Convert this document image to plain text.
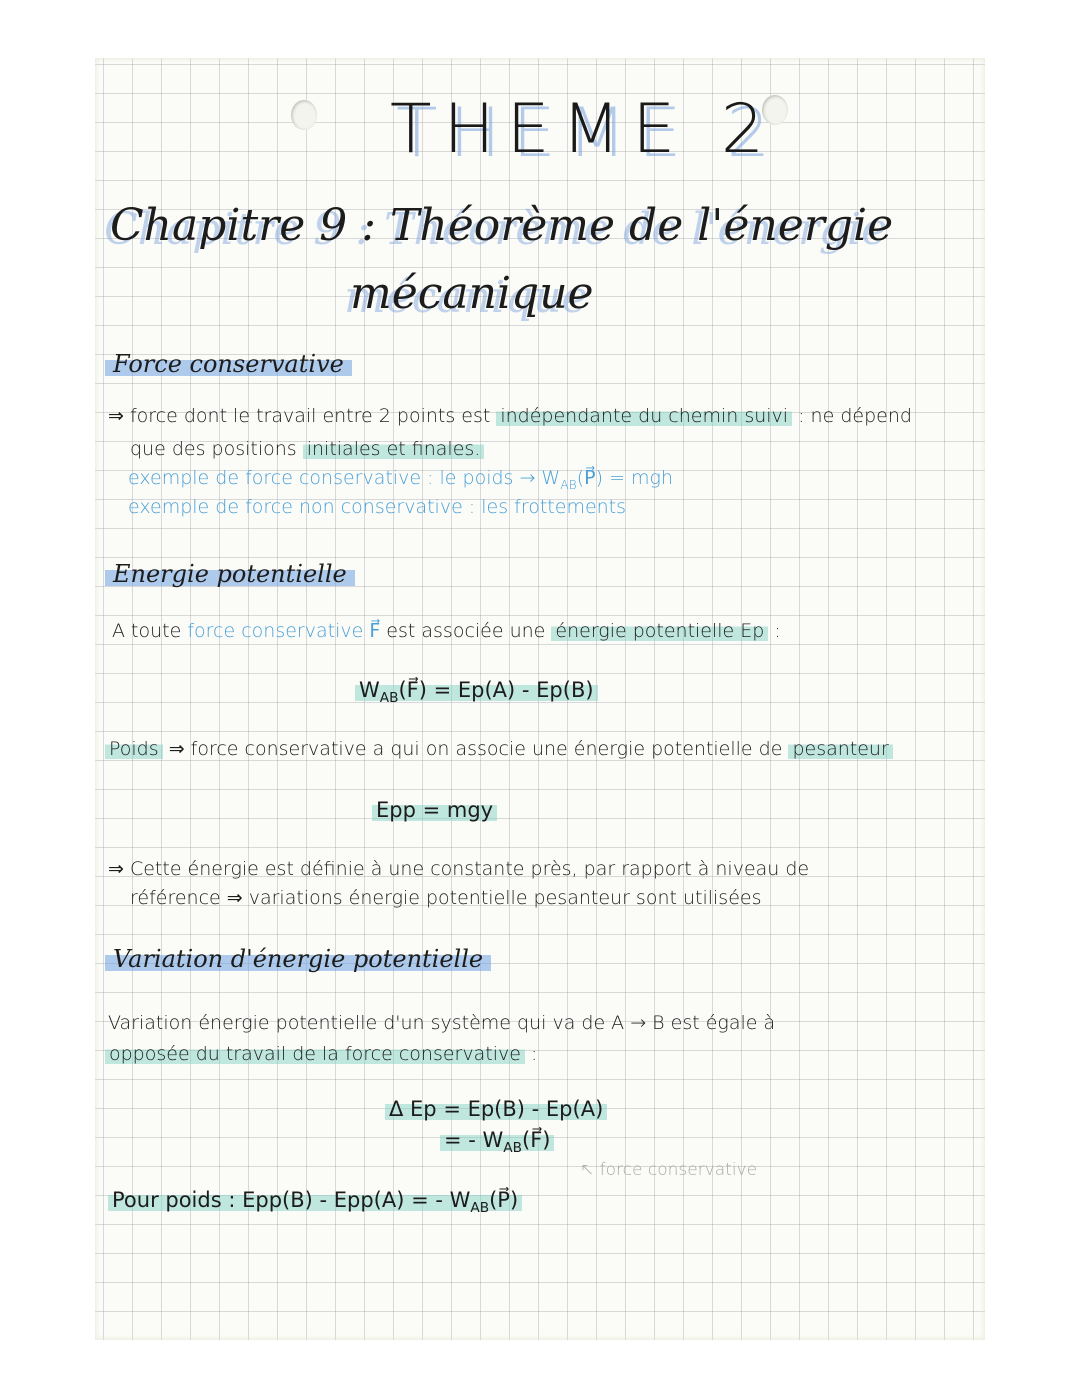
THEME 2
Chapitre 9 : Théorème de l'énergie
mécanique
Force conservative
⇒ force dont le travail entre 2 points est indépendante du chemin suivi : ne dépend
que des positions initiales et finales.
exemple de force conservative : le poids → $W_{AB}(P⃗)$ = mgh
exemple de force non conservative : les frottements
Energie potentielle
A toute force conservative F⃗ est associée une énergie potentielle Ep :
$W_{AB}(F⃗) = Ep(A) - Ep(B)$
Poids ⇒ force conservative a qui on associe une énergie potentielle de pesanteur
Epp = mgy
⇒ Cette énergie est définie à une constante près, par rapport à niveau de
référence ⇒ variations énergie potentielle pesanteur sont utilisées
Variation d'énergie potentielle
Variation énergie potentielle d'un système qui va de A → B est égale à
opposée du travail de la force conservative :
Δ Ep = Ep(B) - Ep(A)
= - $W_{AB}(F⃗)$
↖ force conservative
Pour poids : Epp(B) - Epp(A) = - $W_{AB}(P⃗)$
